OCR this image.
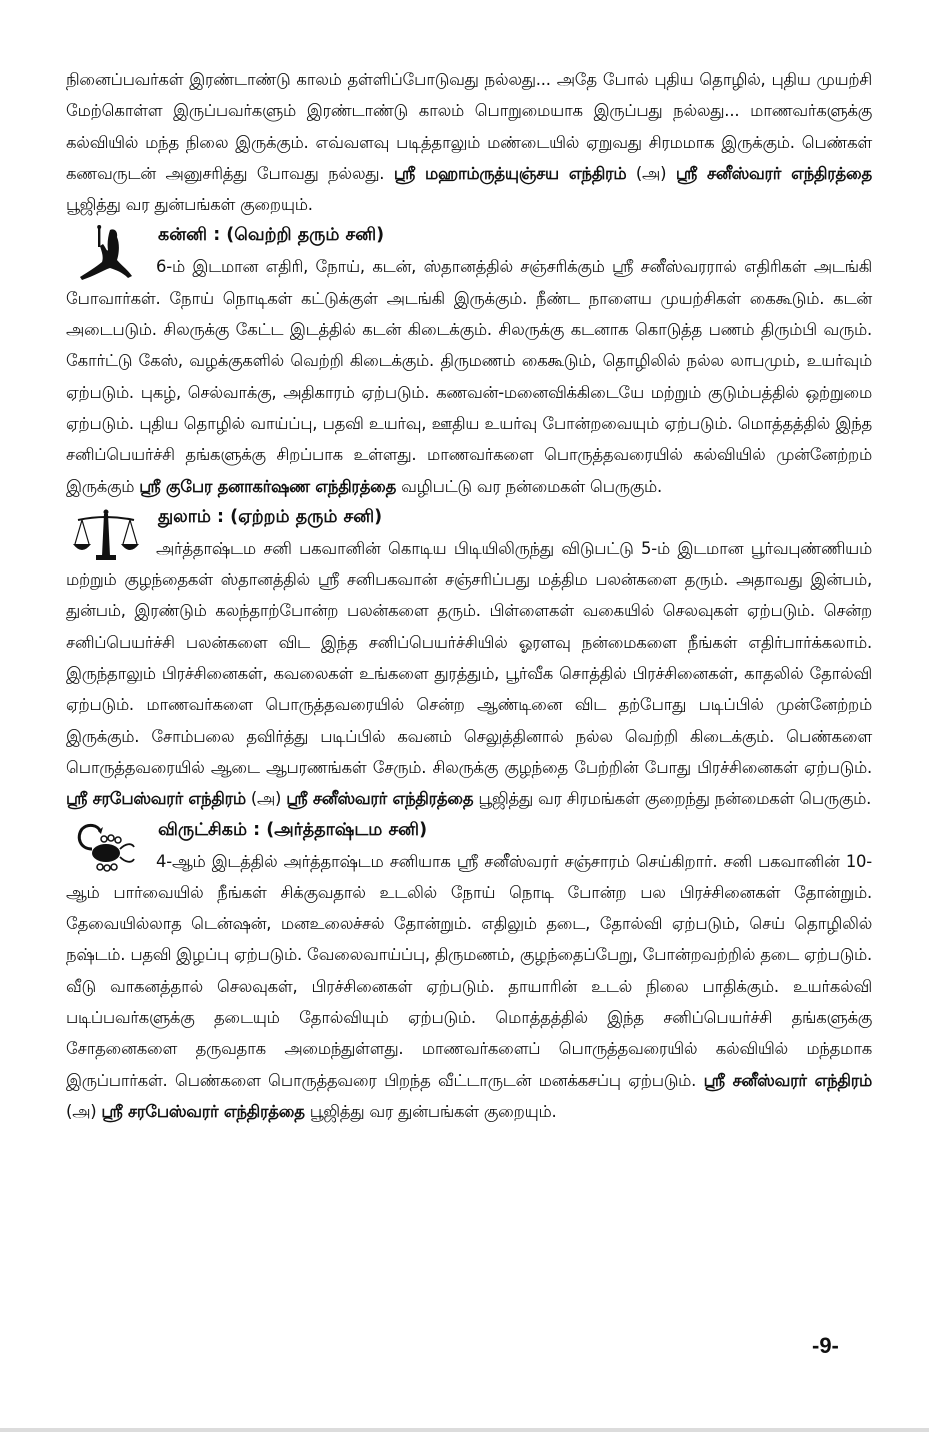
நினைப்பவர்கள் இரண்டாண்டு காலம் தள்ளிப்போடுவது நல்லது... அதே போல் புதிய தொழில், புதிய முயற்சி மேற்கொள்ள இருப்பவர்களும் இரண்டாண்டு காலம் பொறுமையாக இருப்பது நல்லது... மாணவர்களுக்கு கல்வியில் மந்த நிலை இருக்கும். எவ்வளவு படித்தாலும் மண்டையில் ஏறுவது சிரமமாக இருக்கும். பெண்கள் கணவருடன் அனுசரித்து போவது நல்லது. ஸ்ரீ மஹாம்ருத்யுஞ்சய எந்திரம் (அ) ஸ்ரீ சனீஸ்வரர் எந்திரத்தை பூஜித்து வர துன்பங்கள் குறையும்.

கன்னி : (வெற்றி தரும் சனி)

6-ம் இடமான எதிரி, நோய், கடன், ஸ்தானத்தில் சஞ்சரிக்கும் ஸ்ரீ சனீஸ்வரரால் எதிரிகள் அடங்கி போவார்கள். நோய் நொடிகள் கட்டுக்குள் அடங்கி இருக்கும். நீண்ட நாளைய முயற்சிகள் கைகூடும். கடன் அடைபடும். சிலருக்கு கேட்ட இடத்தில் கடன் கிடைக்கும். சிலருக்கு கடனாக கொடுத்த பணம் திரும்பி வரும். கோர்ட்டு கேஸ், வழக்குகளில் வெற்றி கிடைக்கும். திருமணம் கைகூடும், தொழிலில் நல்ல லாபமும், உயர்வும் ஏற்படும். புகழ், செல்வாக்கு, அதிகாரம் ஏற்படும். கணவன்-மனைவிக்கிடையே மற்றும் குடும்பத்தில் ஒற்றுமை ஏற்படும். புதிய தொழில் வாய்ப்பு, பதவி உயர்வு, ஊதிய உயர்வு போன்றவையும் ஏற்படும். மொத்தத்தில் இந்த சனிப்பெயர்ச்சி தங்களுக்கு சிறப்பாக உள்ளது. மாணவர்களை பொருத்தவரையில் கல்வியில் முன்னேற்றம் இருக்கும் ஸ்ரீ குபேர தனாகர்ஷண எந்திரத்தை வழிபட்டு வர நன்மைகள் பெருகும்.

துலாம் : (ஏற்றம் தரும் சனி)

அர்த்தாஷ்டம சனி பகவானின் கொடிய பிடியிலிருந்து விடுபட்டு 5-ம் இடமான பூர்வபுண்ணியம் மற்றும் குழந்தைகள் ஸ்தானத்தில் ஸ்ரீ சனிபகவான் சஞ்சரிப்பது மத்திம பலன்களை தரும். அதாவது இன்பம், துன்பம், இரண்டும் கலந்தாற்போன்ற பலன்களை தரும். பிள்ளைகள் வகையில் செலவுகள் ஏற்படும். சென்ற சனிப்பெயர்ச்சி பலன்களை விட இந்த சனிப்பெயர்ச்சியில் ஓரளவு நன்மைகளை நீங்கள் எதிர்பார்க்கலாம். இருந்தாலும் பிரச்சினைகள், கவலைகள் உங்களை துரத்தும், பூர்வீக சொத்தில் பிரச்சினைகள், காதலில் தோல்வி ஏற்படும். மாணவர்களை பொருத்தவரையில் சென்ற ஆண்டினை விட தற்போது படிப்பில் முன்னேற்றம் இருக்கும். சோம்பலை தவிர்த்து படிப்பில் கவனம் செலுத்தினால் நல்ல வெற்றி கிடைக்கும். பெண்களை பொருத்தவரையில் ஆடை ஆபரணங்கள் சேரும். சிலருக்கு குழந்தை பேற்றின் போது பிரச்சினைகள் ஏற்படும். ஸ்ரீ சரபேஸ்வரர் எந்திரம் (அ) ஸ்ரீ சனீஸ்வரர் எந்திரத்தை பூஜித்து வர சிரமங்கள் குறைந்து நன்மைகள் பெருகும்.

விருட்சிகம் : (அர்த்தாஷ்டம சனி)

4-ஆம் இடத்தில் அர்த்தாஷ்டம சனியாக ஸ்ரீ சனீஸ்வரர் சஞ்சாரம் செய்கிறார். சனி பகவானின் 10-ஆம் பார்வையில் நீங்கள் சிக்குவதால் உடலில் நோய் நொடி போன்ற பல பிரச்சினைகள் தோன்றும். தேவையில்லாத டென்ஷன், மனஉலைச்சல் தோன்றும். எதிலும் தடை, தோல்வி ஏற்படும், செய் தொழிலில் நஷ்டம். பதவி இழப்பு ஏற்படும். வேலைவாய்ப்பு, திருமணம், குழந்தைப்பேறு, போன்றவற்றில் தடை ஏற்படும். வீடு வாகனத்தால் செலவுகள், பிரச்சினைகள் ஏற்படும். தாயாரின் உடல் நிலை பாதிக்கும். உயர்கல்வி படிப்பவர்களுக்கு தடையும் தோல்வியும் ஏற்படும். மொத்தத்தில் இந்த சனிப்பெயர்ச்சி தங்களுக்கு சோதனைகளை தருவதாக அமைந்துள்ளது. மாணவர்களைப் பொருத்தவரையில் கல்வியில் மந்தமாக இருப்பார்கள். பெண்களை பொருத்தவரை பிறந்த வீட்டாருடன் மனக்கசப்பு ஏற்படும். ஸ்ரீ சனீஸ்வரர் எந்திரம் (அ) ஸ்ரீ சரபேஸ்வரர் எந்திரத்தை பூஜித்து வர துன்பங்கள் குறையும்.

-9-
